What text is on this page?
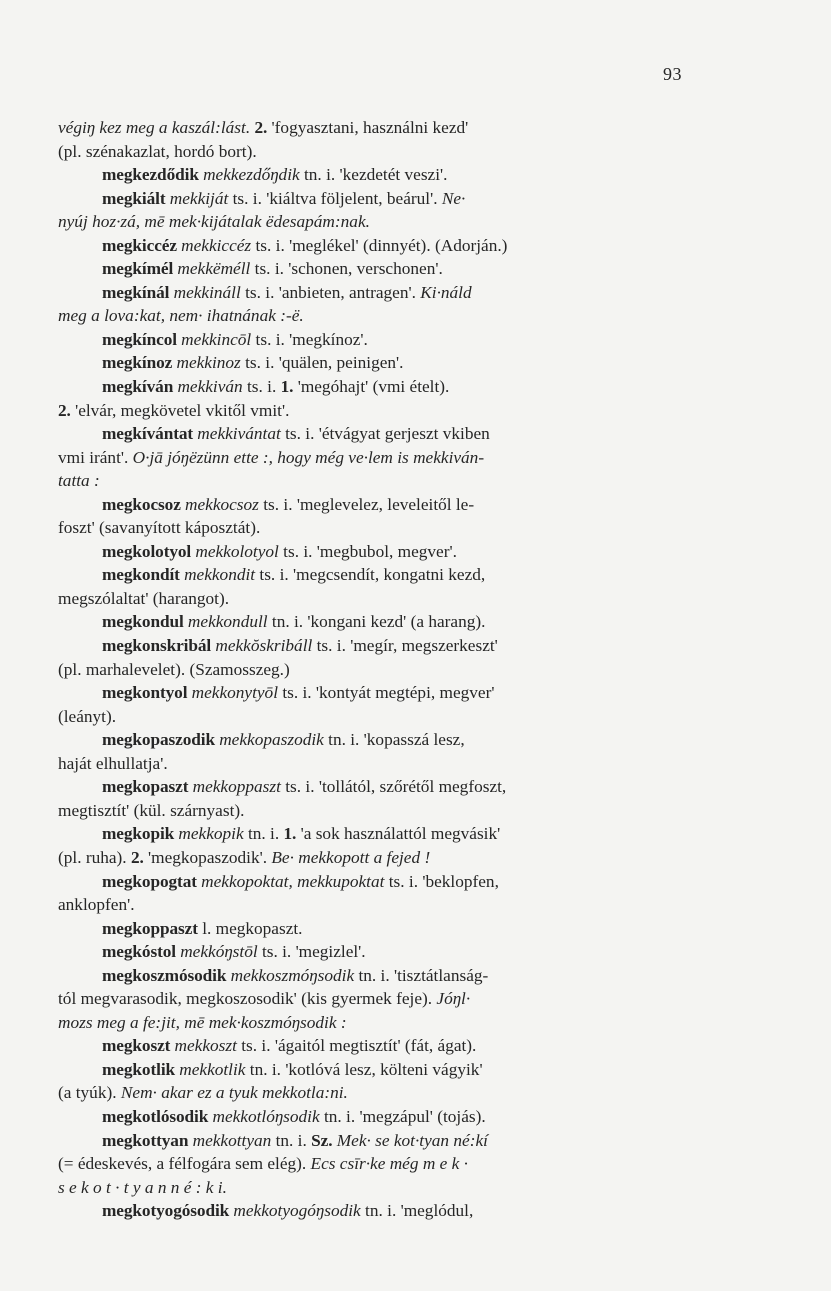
93
végiŋ kez meg a kaszál:lást. 2. 'fogyasztani, használni kezd'
(pl. szénakazlat, hordó bort).
megkezdődik mekkezdőŋdik tn. i. 'kezdetét veszi'.
megkiált mekkiját ts. i. 'kiáltva följelent, beárul'. Ne·
nyúj hoz·zá, mē mek·kijátalak ëdesapám:nak.
megkiccéz mekkiccéz ts. i. 'meglékel' (dinnyét). (Adorján.)
megkímél mekkëméll ts. i. 'schonen, verschonen'.
megkínál mekkináll ts. i. 'anbieten, antragen'. Ki·náld
meg a lova:kat, nem· ihatnának :-ë.
megkíncol mekkincōl ts. i. 'megkínoz'.
megkínoz mekkinoz ts. i. 'quälen, peinigen'.
megkíván mekkiván ts. i. 1. 'megóhajt' (vmi ételt).
2. 'elvár, megkövetel vkitől vmit'.
megkívántat mekkivántat ts. i. 'étvágyat gerjeszt vkiben
vmi iránt'. O·jā jóŋëzünn ette :, hogy még ve·lem is mekkiván-
tatta :
megkocsoz mekkocsoz ts. i. 'meglevelez, leveleitől le-
foszt' (savanyított káposztát).
megkolotyol mekkolotyol ts. i. 'megbubol, megver'.
megkondít mekkondit ts. i. 'megcsendít, kongatni kezd,
megszólaltat' (harangot).
megkondul mekkondull tn. i. 'kongani kezd' (a harang).
megkonskribál mekkŏskribáll ts. i. 'megír, megszerkeszt'
(pl. marhalevelet). (Szamosszeg.)
megkontyol mekkonytyōl ts. i. 'kontyát megtépi, megver'
(leányt).
megkopaszodik mekkopaszodik tn. i. 'kopasszá lesz,
haját elhullatja'.
megkopaszt mekkoppaszt ts. i. 'tollától, szőrétől megfoszt,
megtisztít' (kül. szárnyast).
megkopik mekkopik tn. i. 1. 'a sok használattól megvásik'
(pl. ruha). 2. 'megkopaszodik'. Be· mekkopott a fejed !
megkopogtat mekkopoktat, mekkupoktat ts. i. 'beklopfen,
anklopfen'.
megkoppaszt l. megkopaszt.
megkóstol mekkóŋstōl ts. i. 'megizlel'.
megkoszmósodik mekkoszmóŋsodik tn. i. 'tisztátlanság-
tól megvarasodik, megkoszosodik' (kis gyermek feje). Jóŋl·
mozs meg a fe:jit, mē mek·koszmóŋsodik :
megkoszt mekkoszt ts. i. 'ágaitól megtisztít' (fát, ágat).
megkotlik mekkotlik tn. i. 'kotlóvá lesz, költeni vágyik'
(a tyúk). Nem· akar ez a tyuk mekkotla:ni.
megkotlósodik mekkotlóŋsodik tn. i. 'megzápul' (tojás).
megkottyan mekkottyan tn. i. Sz. Mek· se kot·tyan né:kí
(= édeskevés, a félfogára sem elég). Ecs csīr·ke még m e k ·
s e k o t · t y a n n é : k i.
megkotyogósodik mekkotyogóŋsodik tn. i. 'meglódul,
